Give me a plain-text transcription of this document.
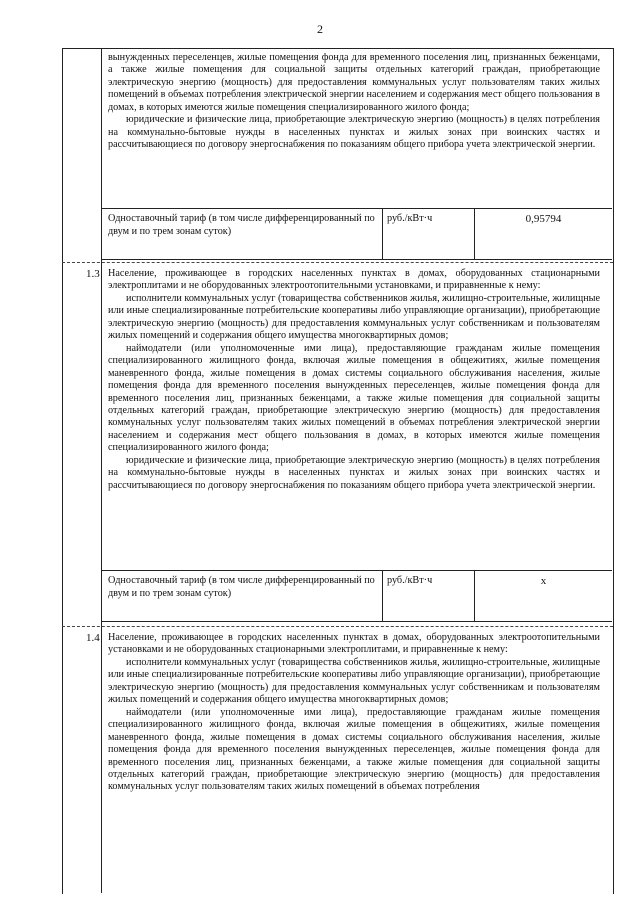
2

вынужденных переселенцев, жилые помещения фонда для временного поселения лиц, признанных беженцами, а также жилые помещения для социальной защиты отдельных категорий граждан, приобретающие электрическую энергию (мощность) для предоставления коммунальных услуг пользователям таких жилых помещений в объемах потребления электрической энергии населением и содержания мест общего пользования в домах, в которых имеются жилые помещения специализированного жилого фонда;

юридические и физические лица, приобретающие электрическую энергию (мощность) в целях потребления на коммунально-бытовые нужды в населенных пунктах и жилых зонах при воинских частях и рассчитывающиеся по договору энергоснабжения по показаниям общего прибора учета электрической энергии.

Одноставочный тариф (в том числе дифференцированный по двум и по трем зонам суток)
руб./кВт·ч	0,95794
1.3 Население, проживающее в городских населенных пунктах в домах, оборудованных стационарными электроплитами и не оборудованных электроотопительными установками, и приравненные к нему:

исполнители коммунальных услуг (товарищества собственников жилья, жилищно-строительные, жилищные или иные специализированные потребительские кооперативы либо управляющие организации), приобретающие электрическую энергию (мощность) для предоставления коммунальных услуг собственникам и пользователям жилых помещений и содержания общего имущества многоквартирных домов;

наймодатели (или уполномоченные ими лица), предоставляющие гражданам жилые помещения специализированного жилищного фонда, включая жилые помещения в общежитиях, жилые помещения маневренного фонда, жилые помещения в домах системы социального обслуживания населения, жилые помещения фонда для временного поселения вынужденных переселенцев, жилые помещения фонда для временного поселения лиц, признанных беженцами, а также жилые помещения для социальной защиты отдельных категорий граждан, приобретающие электрическую энергию (мощность) для предоставления коммунальных услуг пользователям таких жилых помещений в объемах потребления электрической энергии населением и содержания мест общего пользования в домах, в которых имеются жилые помещения специализированного жилого фонда;

юридические и физические лица, приобретающие электрическую энергию (мощность) в целях потребления на коммунально-бытовые нужды в населенных пунктах и жилых зонах при воинских частях и рассчитывающиеся по договору энергоснабжения по показаниям общего прибора учета электрической энергии.

Одноставочный тариф (в том числе дифференцированный по двум и по трем зонам суток)
руб./кВт·ч	х
1.4 Население, проживающее в городских населенных пунктах в домах, оборудованных электроотопительными установками и не оборудованных стационарными электроплитами, и приравненные к нему:

исполнители коммунальных услуг (товарищества собственников жилья, жилищно-строительные, жилищные или иные специализированные потребительские кооперативы либо управляющие организации), приобретающие электрическую энергию (мощность) для предоставления коммунальных услуг собственникам и пользователям жилых помещений и содержания общего имущества многоквартирных домов;

наймодатели (или уполномоченные ими лица), предоставляющие гражданам жилые помещения специализированного жилищного фонда, включая жилые помещения в общежитиях, жилые помещения маневренного фонда, жилые помещения в домах системы социального обслуживания населения, жилые помещения фонда для временного поселения вынужденных переселенцев, жилые помещения фонда для временного поселения лиц, признанных беженцами, а также жилые помещения для социальной защиты отдельных категорий граждан, приобретающие электрическую энергию (мощность) для предоставления коммунальных услуг пользователям таких жилых помещений в объемах потребления
